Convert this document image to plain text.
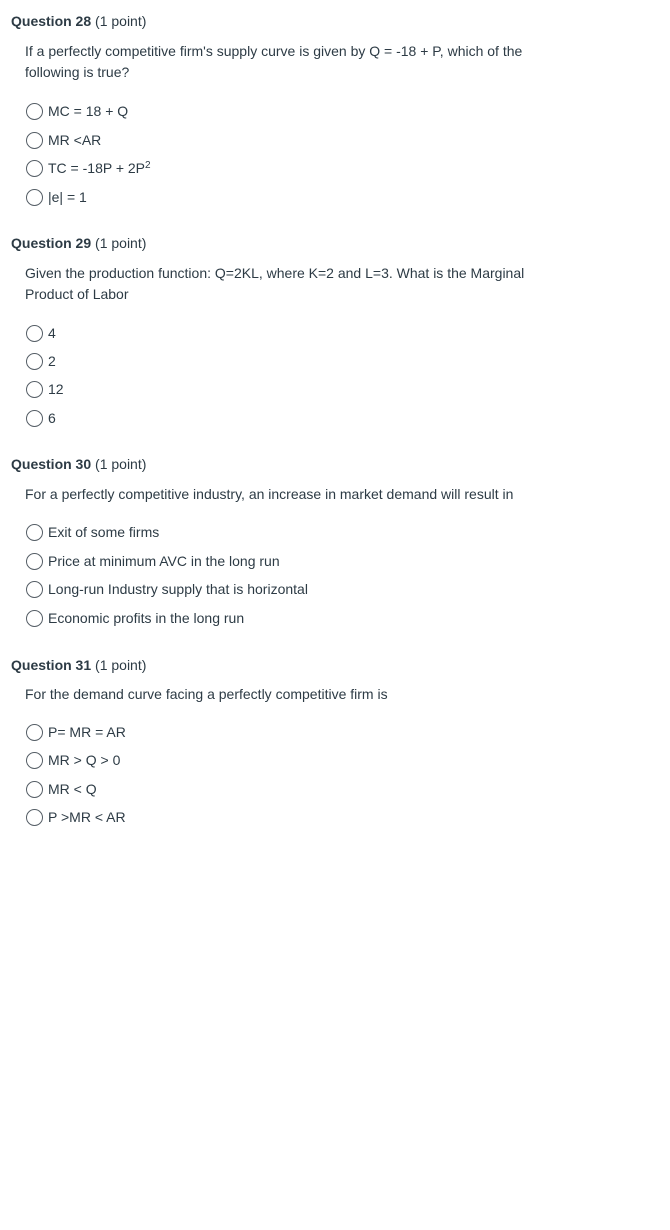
Question 28 (1 point)
If a perfectly competitive firm's supply curve is given by Q = -18 + P, which of the following is true?
MC = 18 + Q
MR <AR
TC = $-18P + 2P^2$
|e| = 1
Question 29 (1 point)
Given the production function: Q=2KL, where K=2 and L=3. What is the Marginal Product of Labor
4
2
12
6
Question 30 (1 point)
For a perfectly competitive industry, an increase in market demand will result in
Exit of some firms
Price at minimum AVC in the long run
Long-run Industry supply that is horizontal
Economic profits in the long run
Question 31 (1 point)
For the demand curve facing a perfectly competitive firm is
P= MR = AR
MR > Q > 0
MR < Q
P >MR < AR
